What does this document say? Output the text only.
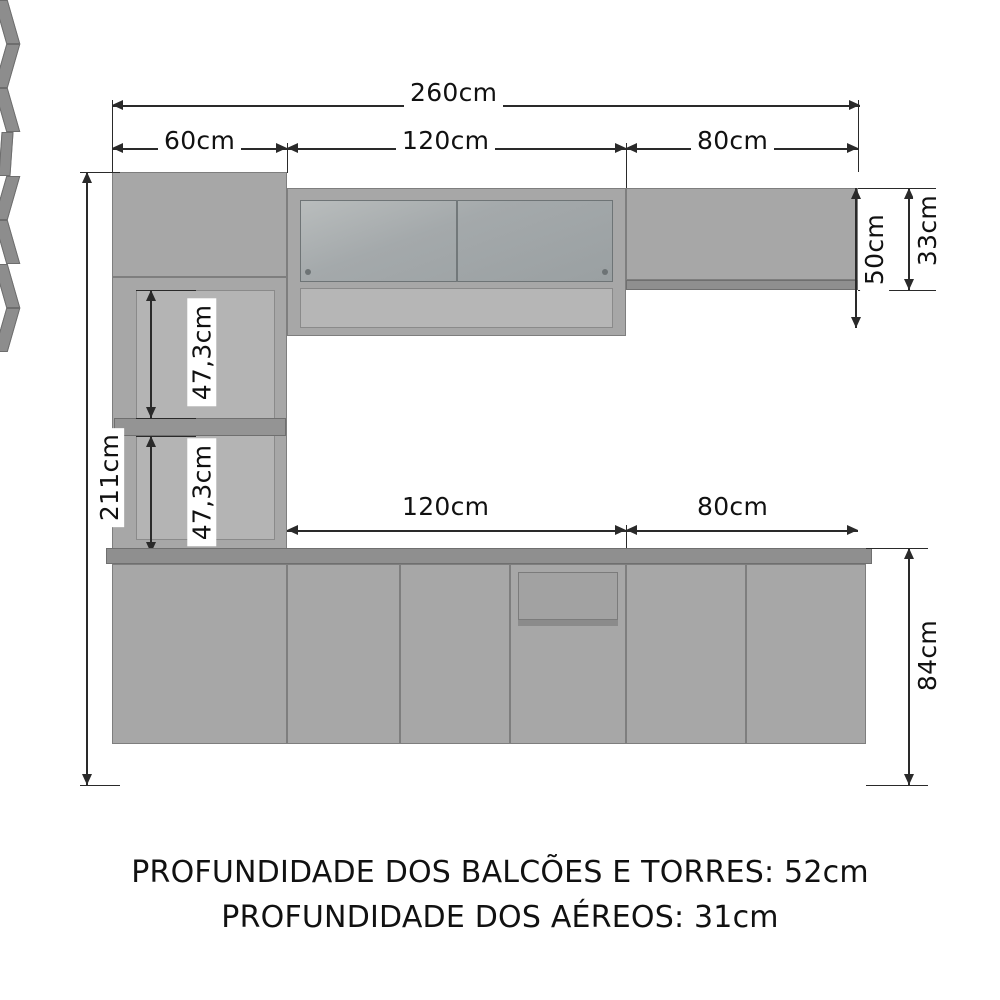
260cm
60cm	120cm	80cm
50cm 33cm
47,3cm
47,3cm
211cm	120cm	80cm
84cm
PROFUNDIDADE DOS BALCÕES E TORRES: 52cm
PROFUNDIDADE DOS AÉREOS: 31cm
